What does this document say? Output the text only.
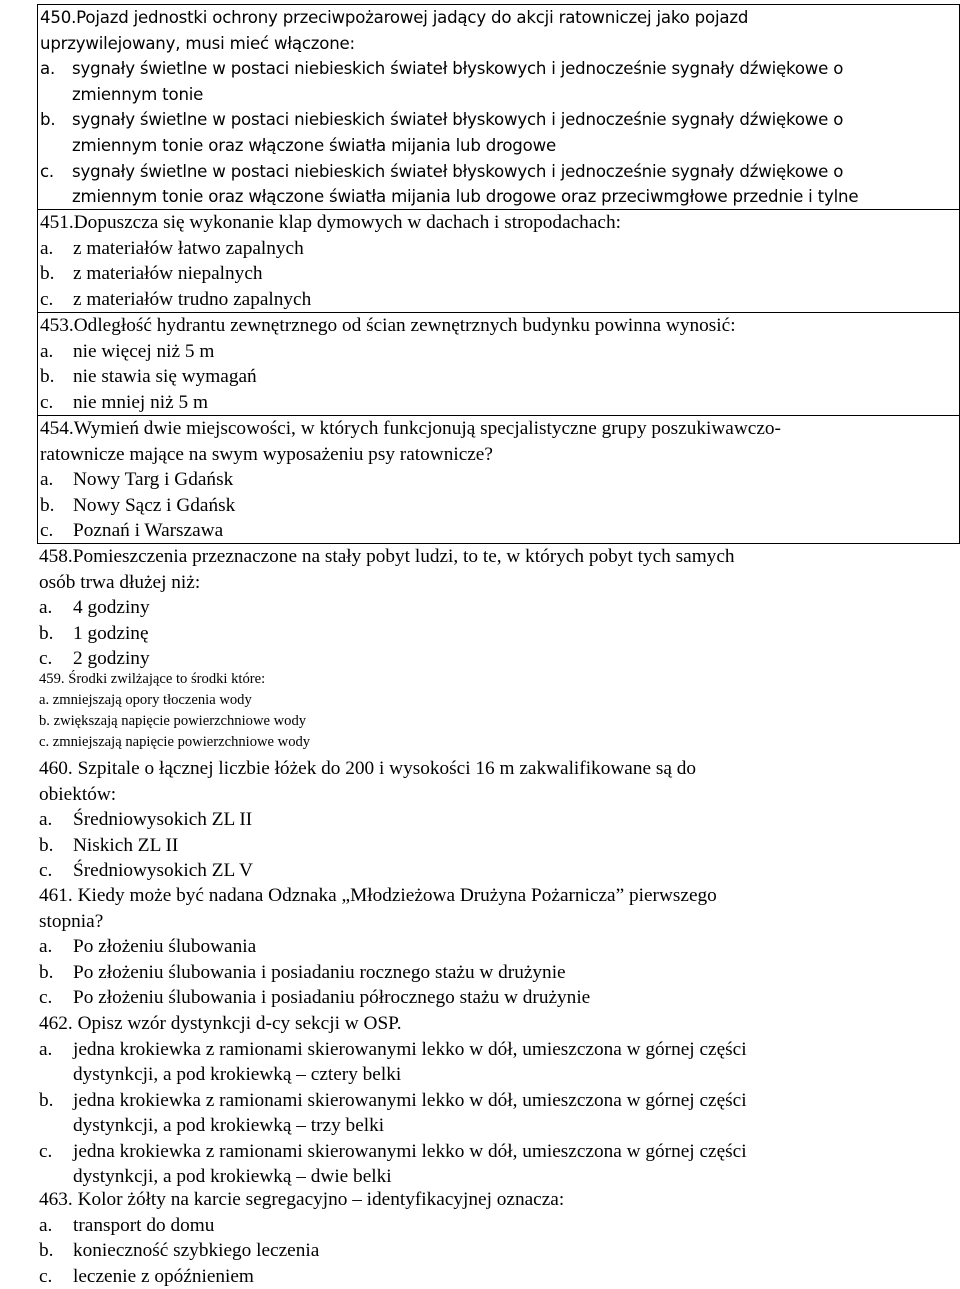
450.Pojazd jednostki ochrony przeciwpożarowej jadący do akcji ratowniczej jako pojazd
uprzywilejowany, musi mieć włączone:
a.	sygnały świetlne w postaci niebieskich świateł błyskowych i jednocześnie sygnały dźwiękowe o
zmiennym tonie
b. sygnały świetlne w postaci niebieskich świateł błyskowych i jednocześnie sygnały dźwiękowe o
zmiennym tonie oraz włączone światła mijania lub drogowe
c.	sygnały świetlne w postaci niebieskich świateł błyskowych i jednocześnie sygnały dźwiękowe o
zmiennym tonie oraz włączone światła mijania lub drogowe oraz przeciwmgłowe przednie i tylne
451.Dopuszcza się wykonanie klap dymowych w dachach i stropodachach:
a.	z materiałów łatwo zapalnych
b. z materiałów niepalnych
c.	z materiałów trudno zapalnych
453.Odległość hydrantu zewnętrznego od ścian zewnętrznych budynku powinna wynosić:
a.	nie więcej niż 5 m
b. nie stawia się wymagań
c.	nie mniej niż 5 m
454.Wymień dwie miejscowości, w których funkcjonują specjalistyczne grupy poszukiwawczo-
ratownicze mające na swym wyposażeniu psy ratownicze?
a.	Nowy Targ i Gdańsk
b. Nowy Sącz i Gdańsk
c.	Poznań i Warszawa
458.Pomieszczenia przeznaczone na stały pobyt ludzi, to te, w których pobyt tych samych
osób trwa dłużej niż:
a.	4 godziny
b.	1 godzinę
c.	2 godziny
459. Środki zwilżające to środki które:
a. zmniejszają opory tłoczenia wody
b. zwiększają napięcie powierzchniowe wody
c. zmniejszają napięcie powierzchniowe wody
460. Szpitale o łącznej liczbie łóżek do 200 i wysokości 16 m zakwalifikowane są do
obiektów:
a.	Średniowysokich ZL II
b.	Niskich ZL II
c.	Średniowysokich ZL V
461. Kiedy może być nadana Odznaka „Młodzieżowa Drużyna Pożarnicza” pierwszego
stopnia?
a.	Po złożeniu ślubowania
b.	Po złożeniu ślubowania i posiadaniu rocznego stażu w drużynie
c.	Po złożeniu ślubowania i posiadaniu półrocznego stażu w drużynie
462. Opisz wzór dystynkcji d-cy sekcji w OSP.
a.	jedna krokiewka z ramionami skierowanymi lekko w dół, umieszczona w górnej części
dystynkcji, a pod krokiewką – cztery belki
b.	jedna krokiewka z ramionami skierowanymi lekko w dół, umieszczona w górnej części
dystynkcji, a pod krokiewką – trzy belki
c.	jedna krokiewka z ramionami skierowanymi lekko w dół, umieszczona w górnej części
dystynkcji, a pod krokiewką – dwie belki
463. Kolor żółty na karcie segregacyjno – identyfikacyjnej oznacza:
a.	transport do domu
b.	konieczność szybkiego leczenia
c.	leczenie z opóźnieniem
